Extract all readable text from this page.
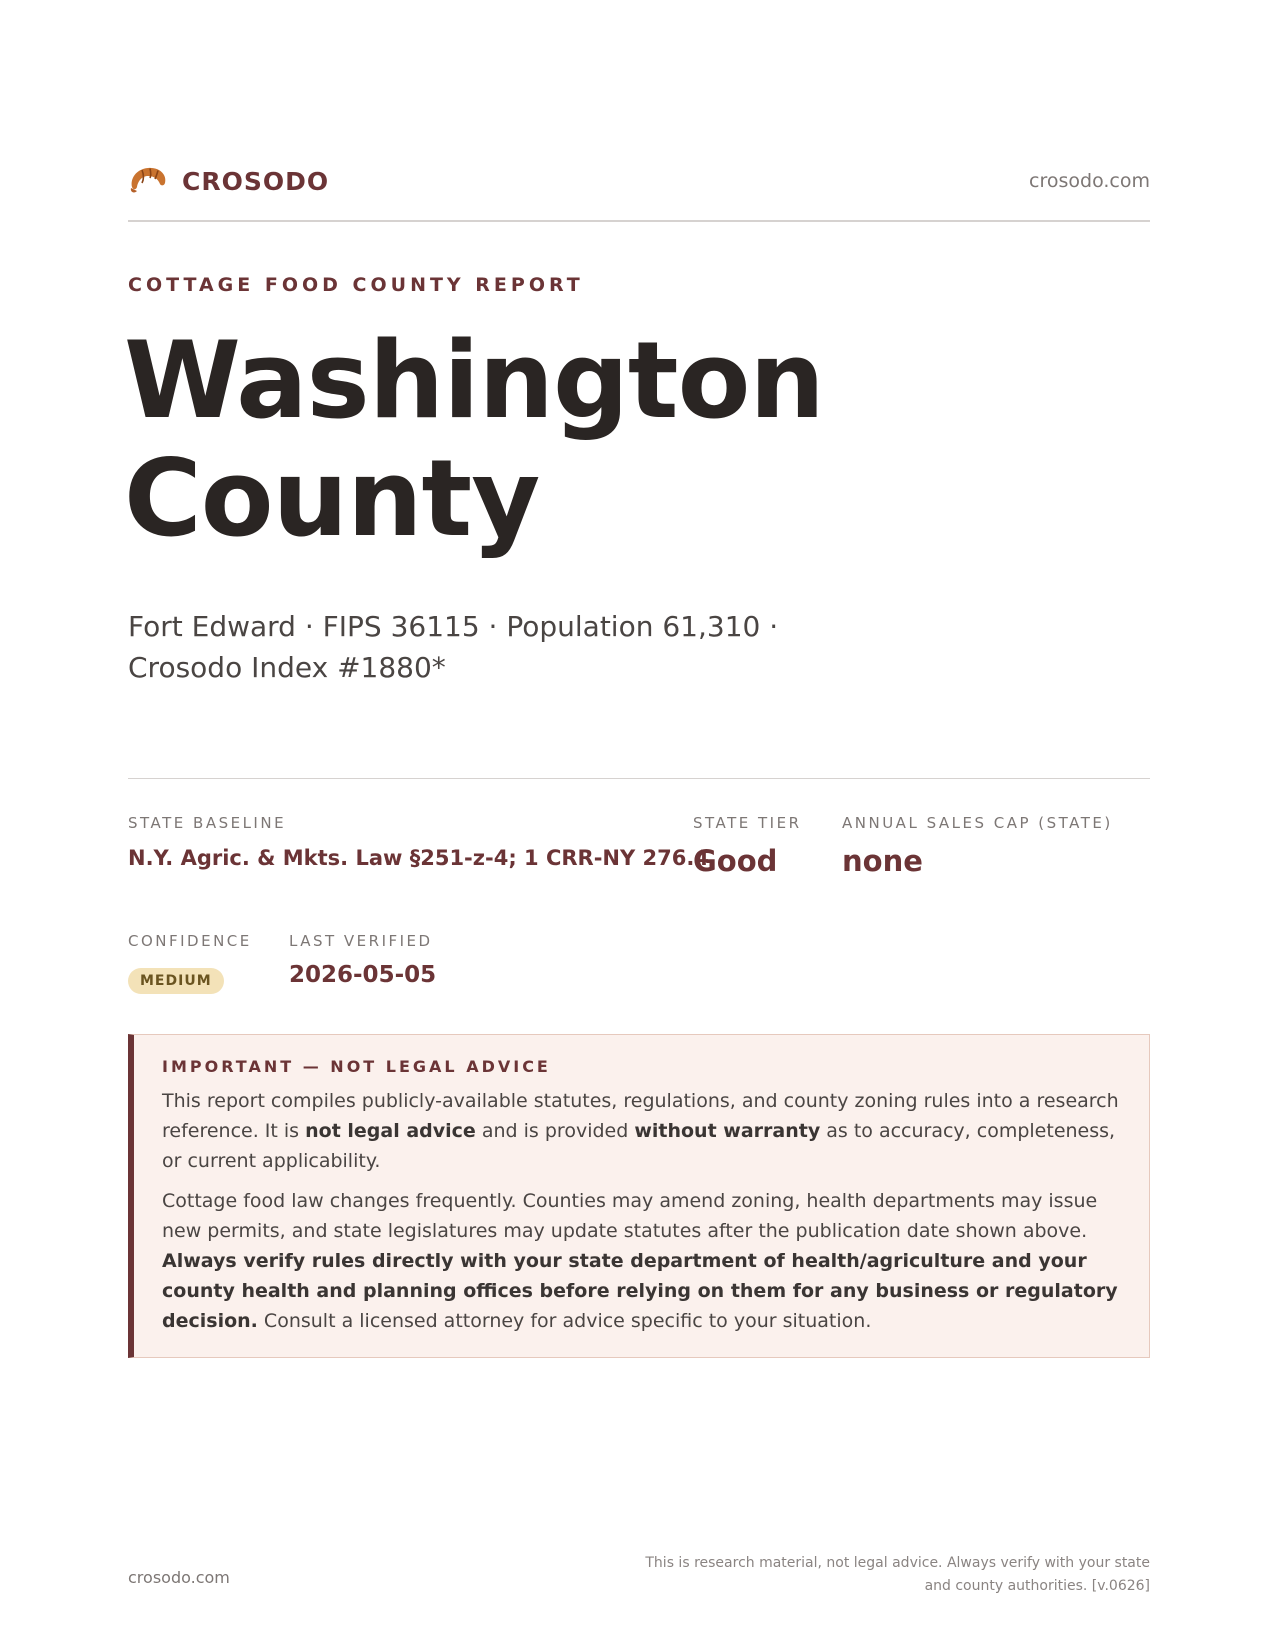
CROSODO	crosodo.com
COTTAGE FOOD COUNTY REPORT
Washington
County
Fort Edward · FIPS 36115 · Population 61,310 · Crosodo Index #1880*
STATE BASELINE
N.Y. Agric. & Mkts. Law §251-z-4; 1 CRR-NY 276.4
STATE TIER
Good
ANNUAL SALES CAP (STATE)
none
CONFIDENCE
MEDIUM
LAST VERIFIED
2026-05-05
IMPORTANT — NOT LEGAL ADVICE

This report compiles publicly-available statutes, regulations, and county zoning rules into a research reference. It is not legal advice and is provided without warranty as to accuracy, completeness, or current applicability.

Cottage food law changes frequently. Counties may amend zoning, health departments may issue new permits, and state legislatures may update statutes after the publication date shown above. Always verify rules directly with your state department of health/agriculture and your county health and planning offices before relying on them for any business or regulatory decision. Consult a licensed attorney for advice specific to your situation.

crosodo.com
This is research material, not legal advice. Always verify with your state
and county authorities. [v.0626]
